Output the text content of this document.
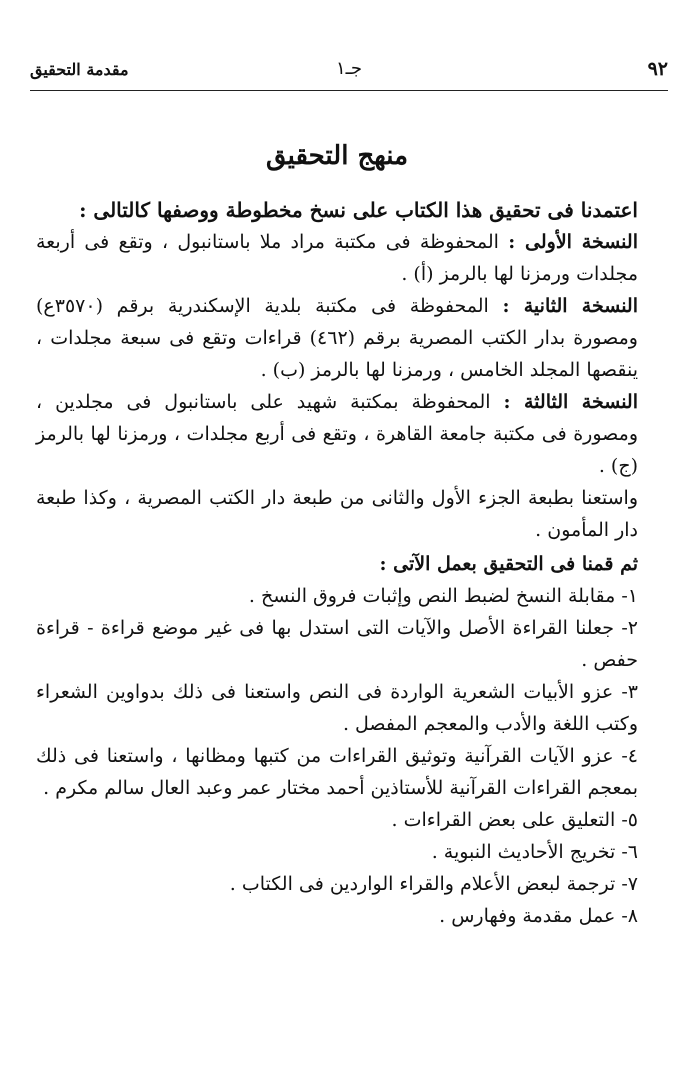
٩٢
جـ١
مقدمة التحقيق
منهج التحقيق

اعتمدنا فى تحقيق هذا الكتاب على نسخ مخطوطة ووصفها كالتالى :

النسخة الأولى : المحفوظة فى مكتبة مراد ملا باستانبول ، وتقع فى أربعة مجلدات ورمزنا لها بالرمز (أ) .

النسخة الثانية : المحفوظة فى مكتبة بلدية الإسكندرية برقم (٣٥٧٠ع) ومصورة بدار الكتب المصرية برقم (٤٦٢) قراءات وتقع فى سبعة مجلدات ، ينقصها المجلد الخامس ، ورمزنا لها بالرمز (ب) .

النسخة الثالثة : المحفوظة بمكتبة شهيد على باستانبول فى مجلدين ، ومصورة فى مكتبة جامعة القاهرة ، وتقع فى أربع مجلدات ، ورمزنا لها بالرمز (ج) .

واستعنا بطبعة الجزء الأول والثانى من طبعة دار الكتب المصرية ، وكذا طبعة دار المأمون .

ثم قمنا فى التحقيق بعمل الآتى :

١- مقابلة النسخ لضبط النص وإثبات فروق النسخ .

٢- جعلنا القراءة الأصل والآيات التى استدل بها فى غير موضع قراءة - قراءة حفص .

٣- عزو الأبيات الشعرية الواردة فى النص واستعنا فى ذلك بدواوين الشعراء وكتب اللغة والأدب والمعجم المفصل .

٤- عزو الآيات القرآنية وتوثيق القراءات من كتبها ومظانها ، واستعنا فى ذلك بمعجم القراءات القرآنية للأستاذين أحمد مختار عمر وعبد العال سالم مكرم .

٥- التعليق على بعض القراءات .

٦- تخريج الأحاديث النبوية .

٧- ترجمة لبعض الأعلام والقراء الواردين فى الكتاب .

٨- عمل مقدمة وفهارس .
